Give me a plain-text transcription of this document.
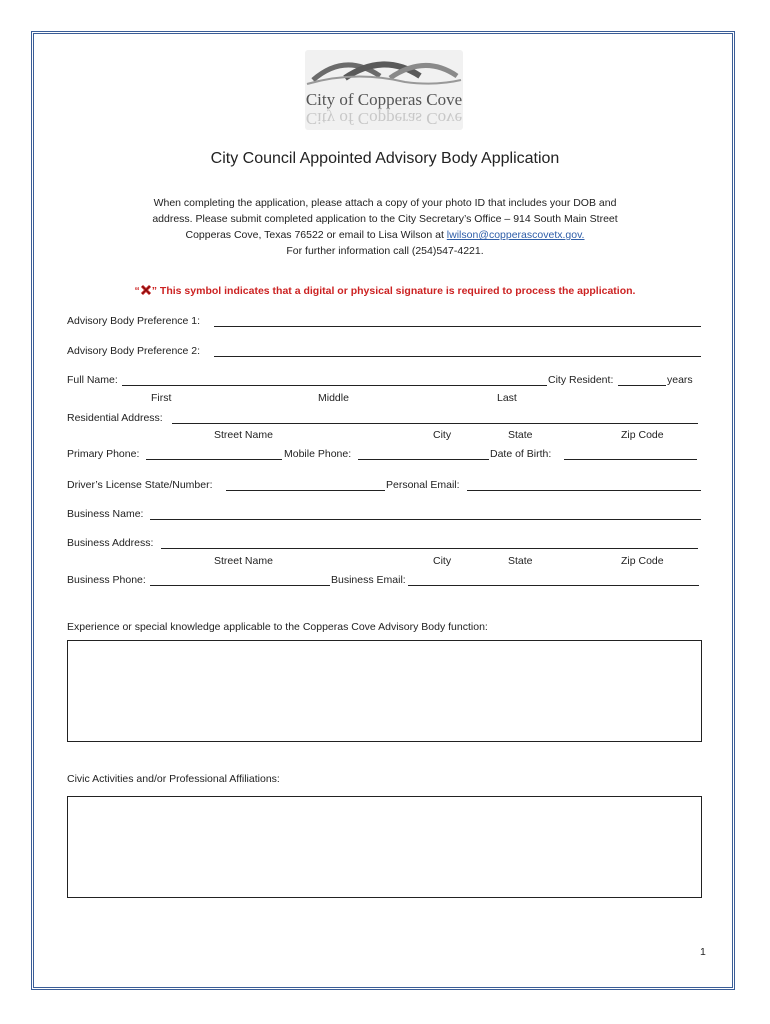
City of Copperas Cove
City of Copperas Cove
City Council Appointed Advisory Body Application
When completing the application, please attach a copy of your photo ID that includes your DOB and
address. Please submit completed application to the City Secretary’s Office – 914 South Main Street
Copperas Cove, Texas 76522 or email to Lisa Wilson at lwilson@copperascovetx.gov.
For further information call (254)547-4221.
“ ” This symbol indicates that a digital or physical signature is required to process the application.
Advisory Body Preference 1:
Advisory Body Preference 2:
Full Name:	City Resident:	years
First	Middle	Last
Residential Address:
Street Name	City	State	Zip Code
Primary Phone:	Mobile Phone:	Date of Birth:
Driver’s License State/Number:	Personal Email:
Business Name:
Business Address:
Street Name	City	State	Zip Code
Business Phone:	Business Email:
Experience or special knowledge applicable to the Copperas Cove Advisory Body function:
Civic Activities and/or Professional Affiliations:
1
